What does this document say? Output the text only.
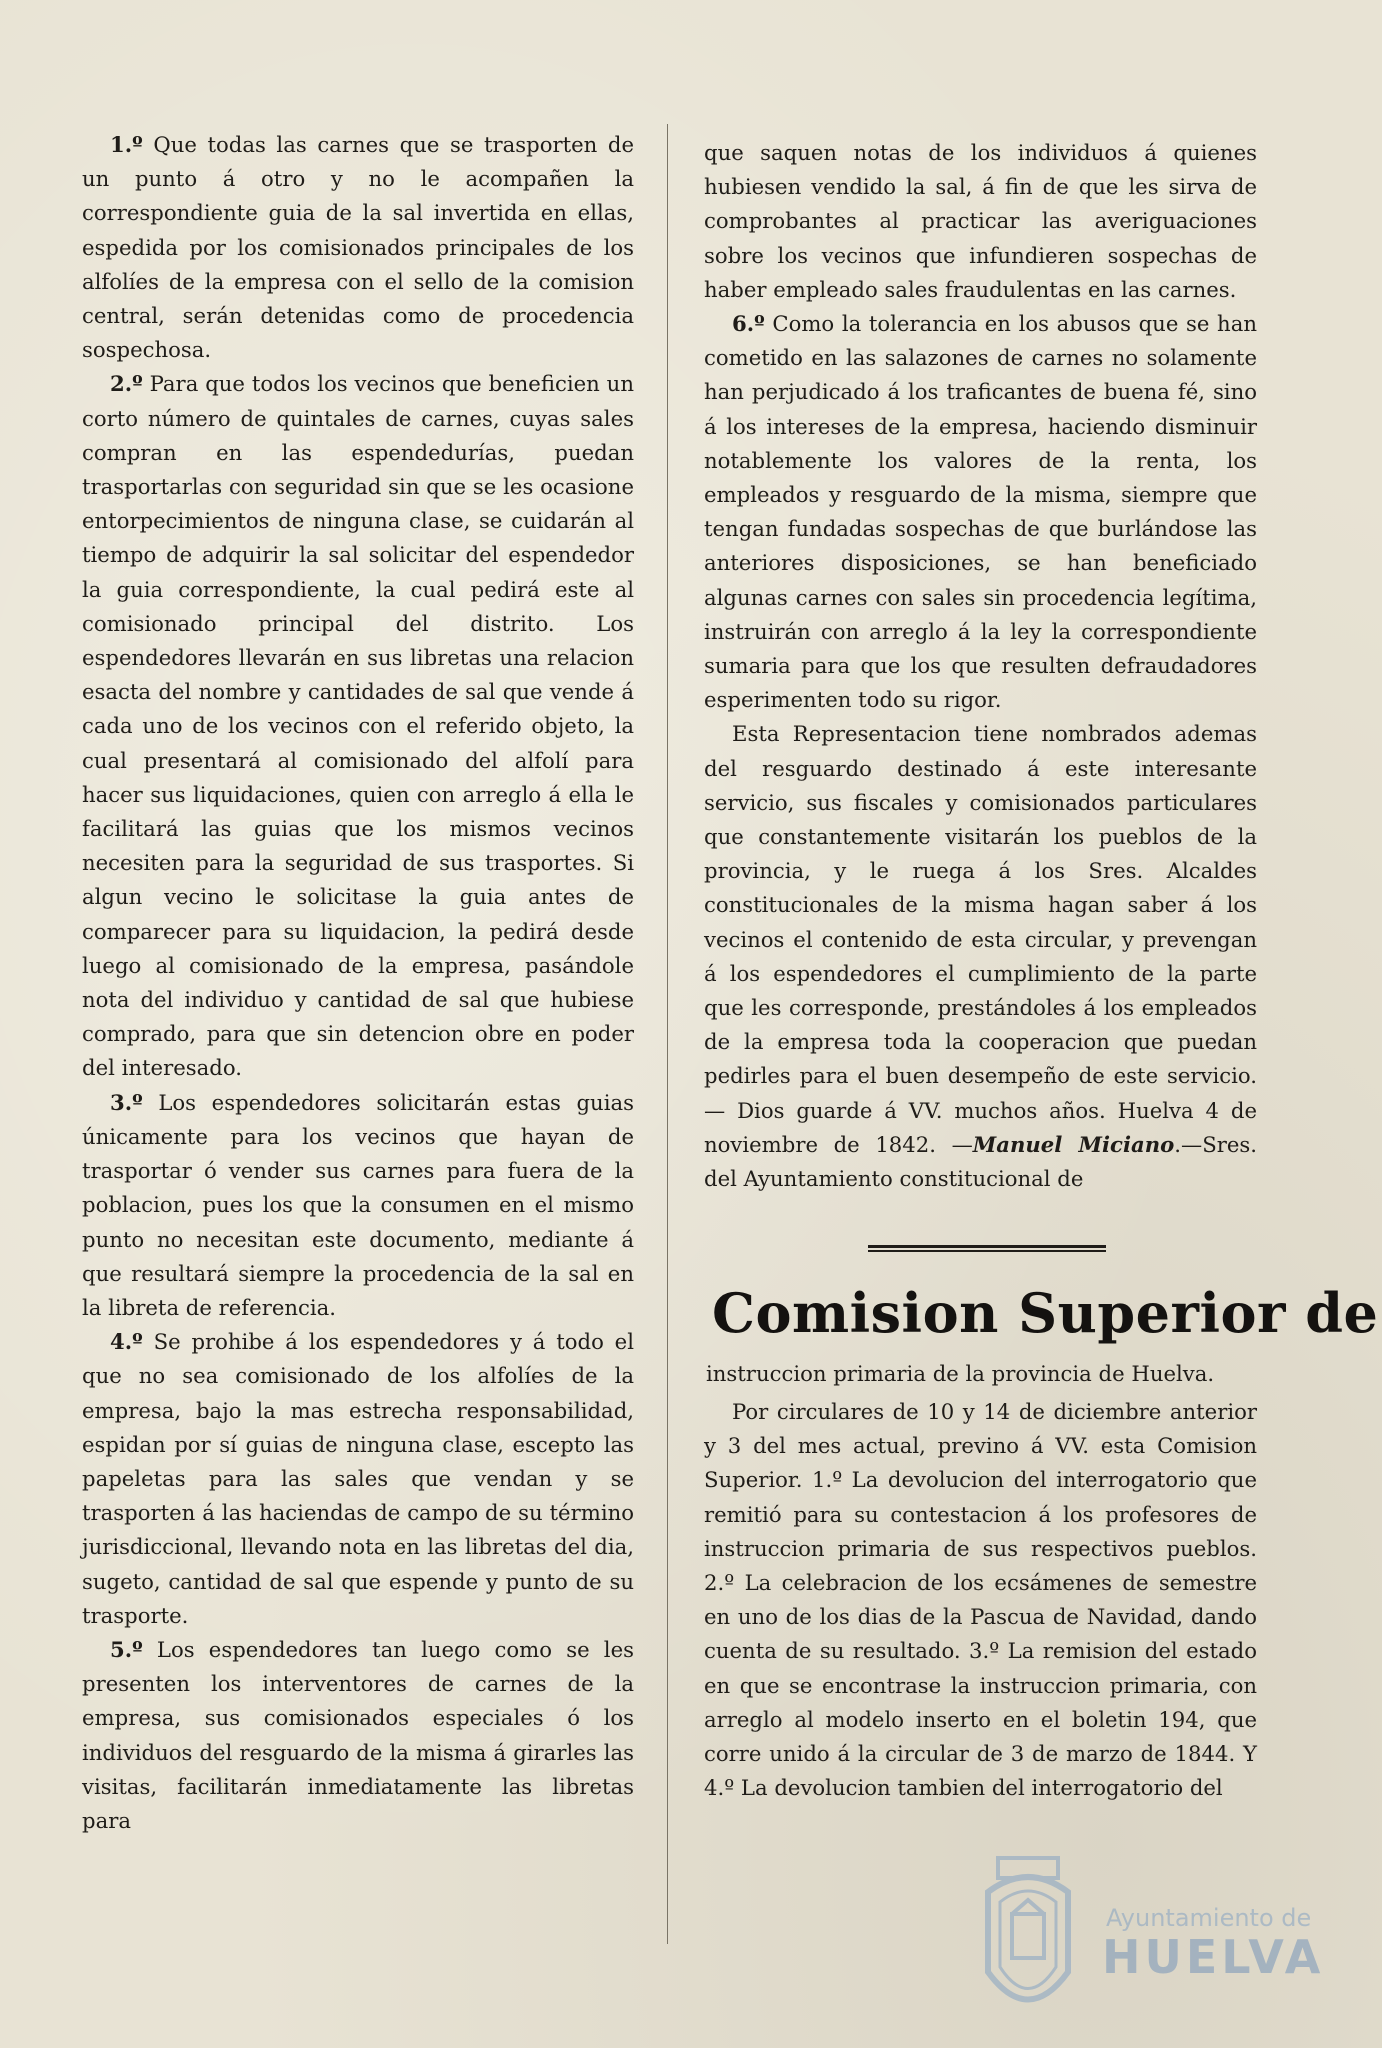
1.º Que todas las carnes que se trasporten de un punto á otro y no le acompañen la correspondiente guia de la sal invertida en ellas, espedida por los comisionados principales de los alfolíes de la empresa con el sello de la comision central, serán detenidas como de procedencia sospechosa.

2.º Para que todos los vecinos que beneficien un corto número de quintales de carnes, cuyas sales compran en las espendedurías, puedan trasportarlas con seguridad sin que se les ocasione entorpecimientos de ninguna clase, se cuidarán al tiempo de adquirir la sal solicitar del espendedor la guia correspondiente, la cual pedirá este al comisionado principal del distrito. Los espendedores llevarán en sus libretas una relacion esacta del nombre y cantidades de sal que vende á cada uno de los vecinos con el referido objeto, la cual presentará al comisionado del alfolí para hacer sus liquidaciones, quien con arreglo á ella le facilitará las guias que los mismos vecinos necesiten para la seguridad de sus trasportes. Si algun vecino le solicitase la guia antes de comparecer para su liquidacion, la pedirá desde luego al comisionado de la empresa, pasándole nota del individuo y cantidad de sal que hubiese comprado, para que sin detencion obre en poder del interesado.

3.º Los espendedores solicitarán estas guias únicamente para los vecinos que hayan de trasportar ó vender sus carnes para fuera de la poblacion, pues los que la consumen en el mismo punto no necesitan este documento, mediante á que resultará siempre la procedencia de la sal en la libreta de referencia.

4.º Se prohibe á los espendedores y á todo el que no sea comisionado de los alfolíes de la empresa, bajo la mas estrecha responsabilidad, espidan por sí guias de ninguna clase, escepto las papeletas para las sales que vendan y se trasporten á las haciendas de campo de su término jurisdiccional, llevando nota en las libretas del dia, sugeto, cantidad de sal que espende y punto de su trasporte.

5.º Los espendedores tan luego como se les presenten los interventores de carnes de la empresa, sus comisionados especiales ó los individuos del resguardo de la misma á girarles las visitas, facilitarán inmediatamente las libretas para

que saquen notas de los individuos á quienes hubiesen vendido la sal, á fin de que les sirva de comprobantes al practicar las averiguaciones sobre los vecinos que infundieren sospechas de haber empleado sales fraudulentas en las carnes.

6.º Como la tolerancia en los abusos que se han cometido en las salazones de carnes no solamente han perjudicado á los traficantes de buena fé, sino á los intereses de la empresa, haciendo disminuir notablemente los valores de la renta, los empleados y resguardo de la misma, siempre que tengan fundadas sospechas de que burlándose las anteriores disposiciones, se han beneficiado algunas carnes con sales sin procedencia legítima, instruirán con arreglo á la ley la correspondiente sumaria para que los que resulten defraudadores esperimenten todo su rigor.

Esta Representacion tiene nombrados ademas del resguardo destinado á este interesante servicio, sus fiscales y comisionados particulares que constantemente visitarán los pueblos de la provincia, y le ruega á los Sres. Alcaldes constitucionales de la misma hagan saber á los vecinos el contenido de esta circular, y prevengan á los espendedores el cumplimiento de la parte que les corresponde, prestándoles á los empleados de la empresa toda la cooperacion que puedan pedirles para el buen desempeño de este servicio.— Dios guarde á VV. muchos años. Huelva 4 de noviembre de 1842. —Manuel Miciano.—Sres. del Ayuntamiento constitucional de

Comision Superior de

instruccion primaria de la provincia de Huelva.

Por circulares de 10 y 14 de diciembre anterior y 3 del mes actual, previno á VV. esta Comision Superior. 1.º La devolucion del interrogatorio que remitió para su contestacion á los profesores de instruccion primaria de sus respectivos pueblos. 2.º La celebracion de los ecsámenes de semestre en uno de los dias de la Pascua de Navidad, dando cuenta de su resultado. 3.º La remision del estado en que se encontrase la instruccion primaria, con arreglo al modelo inserto en el boletin 194, que corre unido á la circular de 3 de marzo de 1844. Y 4.º La devolucion tambien del interrogatorio del

Ayuntamiento de
HUELVA
